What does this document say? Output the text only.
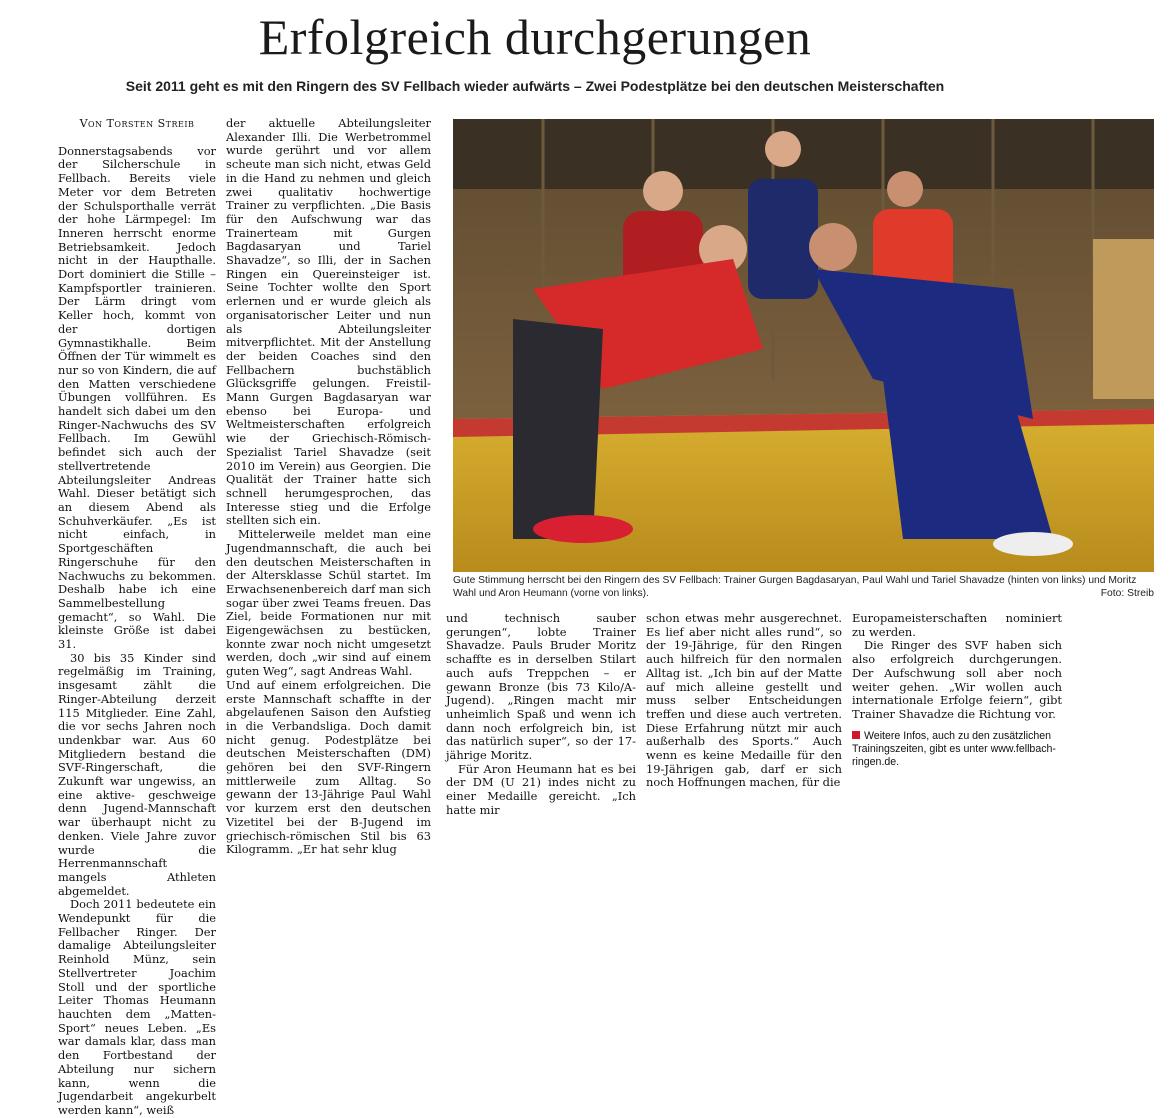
Erfolgreich durchgerungen
Seit 2011 geht es mit den Ringern des SV Fellbach wieder aufwärts – Zwei Podestplätze bei den deutschen Meisterschaften

Von Torsten Streib

Donnerstagsabends vor der Silcherschule in Fellbach. Bereits viele Meter vor dem Betreten der Schulsporthalle verrät der hohe Lärmpegel: Im Inneren herrscht enorme Betriebsamkeit. Jedoch nicht in der Haupthalle. Dort dominiert die Stille – Kampfsportler trainieren. Der Lärm dringt vom Keller hoch, kommt von der dortigen Gymnastikhalle. Beim Öffnen der Tür wimmelt es nur so von Kindern, die auf den Matten verschiedene Übungen vollführen. Es handelt sich dabei um den Ringer-Nachwuchs des SV Fellbach. Im Gewühl befindet sich auch der stellvertretende Abteilungsleiter Andreas Wahl. Dieser betätigt sich an diesem Abend als Schuhverkäufer. „Es ist nicht einfach, in Sportgeschäften Ringerschuhe für den Nachwuchs zu bekommen. Deshalb habe ich eine Sammelbestellung gemacht“, so Wahl. Die kleinste Größe ist dabei 31.

30 bis 35 Kinder sind regelmäßig im Training, insgesamt zählt die Ringer-Abteilung derzeit 115 Mitglieder. Eine Zahl, die vor sechs Jahren noch undenkbar war. Aus 60 Mitgliedern bestand die SVF-Ringerschaft, die Zukunft war ungewiss, an eine aktive- geschweige denn Jugend-Mannschaft war überhaupt nicht zu denken. Viele Jahre zuvor wurde die Herrenmannschaft mangels Athleten abgemeldet.

Doch 2011 bedeutete ein Wendepunkt für die Fellbacher Ringer. Der damalige Abteilungsleiter Reinhold Münz, sein Stellvertreter Joachim Stoll und der sportliche Leiter Thomas Heumann hauchten dem „Matten-Sport“ neues Leben. „Es war damals klar, dass man den Fortbestand der Abteilung nur sichern kann, wenn die Jugendarbeit angekurbelt werden kann“, weiß

der aktuelle Abteilungsleiter Alexander Illi. Die Werbetrommel wurde gerührt und vor allem scheute man sich nicht, etwas Geld in die Hand zu nehmen und gleich zwei qualitativ hochwertige Trainer zu verpflichten. „Die Basis für den Aufschwung war das Trainerteam mit Gurgen Bagdasaryan und Tariel Shavadze“, so Illi, der in Sachen Ringen ein Quereinsteiger ist. Seine Tochter wollte den Sport erlernen und er wurde gleich als organisatorischer Leiter und nun als Abteilungsleiter mitverpflichtet. Mit der Anstellung der beiden Coaches sind den Fellbachern buchstäblich Glücksgriffe gelungen. Freistil-Mann Gurgen Bagdasaryan war ebenso bei Europa- und Weltmeisterschaften erfolgreich wie der Griechisch-Römisch-Spezialist Tariel Shavadze (seit 2010 im Verein) aus Georgien. Die Qualität der Trainer hatte sich schnell herumgesprochen, das Interesse stieg und die Erfolge stellten sich ein.

Mittelerweile meldet man eine Jugendmannschaft, die auch bei den deutschen Meisterschaften in der Altersklasse Schül startet. Im Erwachsenenbereich darf man sich sogar über zwei Teams freuen. Das Ziel, beide Formationen nur mit Eigengewächsen zu bestücken, konnte zwar noch nicht umgesetzt werden, doch „wir sind auf einem guten Weg“, sagt Andreas Wahl.

Und auf einem erfolgreichen. Die erste Mannschaft schaffte in der abgelaufenen Saison den Aufstieg in die Verbandsliga. Doch damit nicht genug. Podestplätze bei deutschen Meisterschaften (DM) gehören bei den SVF-Ringern mittlerweile zum Alltag. So gewann der 13-Jährige Paul Wahl vor kurzem erst den deutschen Vizetitel bei der B-Jugend im griechisch-römischen Stil bis 63 Kilogramm. „Er hat sehr klug

Gute Stimmung herrscht bei den Ringern des SV Fellbach: Trainer Gurgen Bagdasaryan, Paul Wahl und Tariel Shavadze (hinten von links) und Moritz Wahl und Aron Heumann (vorne von links).	Foto: Streib

und technisch sauber gerungen“, lobte Trainer Shavadze. Pauls Bruder Moritz schaffte es in derselben Stilart auch aufs Treppchen – er gewann Bronze (bis 73 Kilo/A-Jugend). „Ringen macht mir unheimlich Spaß und wenn ich dann noch erfolgreich bin, ist das natürlich super“, so der 17-jährige Moritz.

Für Aron Heumann hat es bei der DM (U 21) indes nicht zu einer Medaille gereicht. „Ich hatte mir

schon etwas mehr ausgerechnet. Es lief aber nicht alles rund“, so der 19-Jährige, für den Ringen auch hilfreich für den normalen Alltag ist. „Ich bin auf der Matte auf mich alleine gestellt und muss selber Entscheidungen treffen und diese auch vertreten. Diese Erfahrung nützt mir auch außerhalb des Sports.“ Auch wenn es keine Medaille für den 19-Jährigen gab, darf er sich noch Hoffnungen machen, für die

Europameisterschaften nominiert zu werden.

Die Ringer des SVF haben sich also erfolgreich durchgerungen. Der Aufschwung soll aber noch weiter gehen. „Wir wollen auch internationale Erfolge feiern“, gibt Trainer Shavadze die Richtung vor.

Weitere Infos, auch zu den zusätzlichen Trainingszeiten, gibt es unter www.fellbach-ringen.de.
